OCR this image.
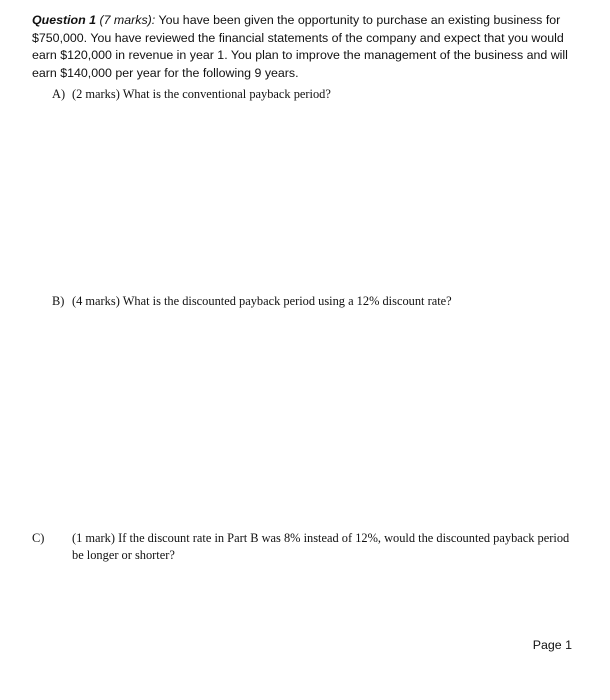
Question 1 (7 marks): You have been given the opportunity to purchase an existing business for $750,000. You have reviewed the financial statements of the company and expect that you would earn $120,000 in revenue in year 1. You plan to improve the management of the business and will earn $140,000 per year for the following 9 years.

A) (2 marks) What is the conventional payback period?

B) (4 marks) What is the discounted payback period using a 12% discount rate?

C) (1 mark) If the discount rate in Part B was 8% instead of 12%, would the discounted payback period be longer or shorter?

Page 1
